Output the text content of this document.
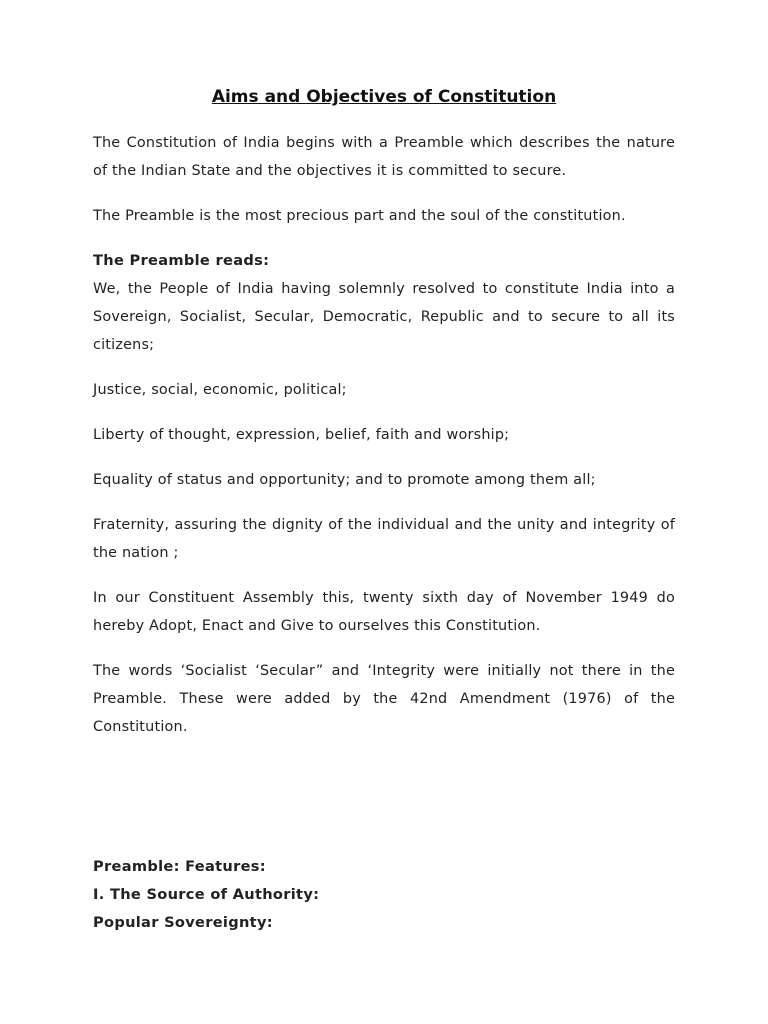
Aims and Objectives of Constitution

The Constitution of India begins with a Preamble which describes the nature of the Indian State and the objectives it is committed to secure.

The Preamble is the most precious part and the soul of the constitution.

The Preamble reads:

We, the People of India having solemnly resolved to constitute India into a Sovereign, Socialist, Secular, Democratic, Republic and to secure to all its citizens;

Justice, social, economic, political;

Liberty of thought, expression, belief, faith and worship;

Equality of status and opportunity; and to promote among them all;

Fraternity, assuring the dignity of the individual and the unity and integrity of the nation ;

In our Constituent Assembly this, twenty sixth day of November 1949 do hereby Adopt, Enact and Give to ourselves this Constitution.

The words ‘Socialist ‘Secular” and ‘Integrity were initially not there in the Preamble. These were added by the 42nd Amendment (1976) of the Constitution.

Preamble: Features:
I. The Source of Authority:
Popular Sovereignty:
